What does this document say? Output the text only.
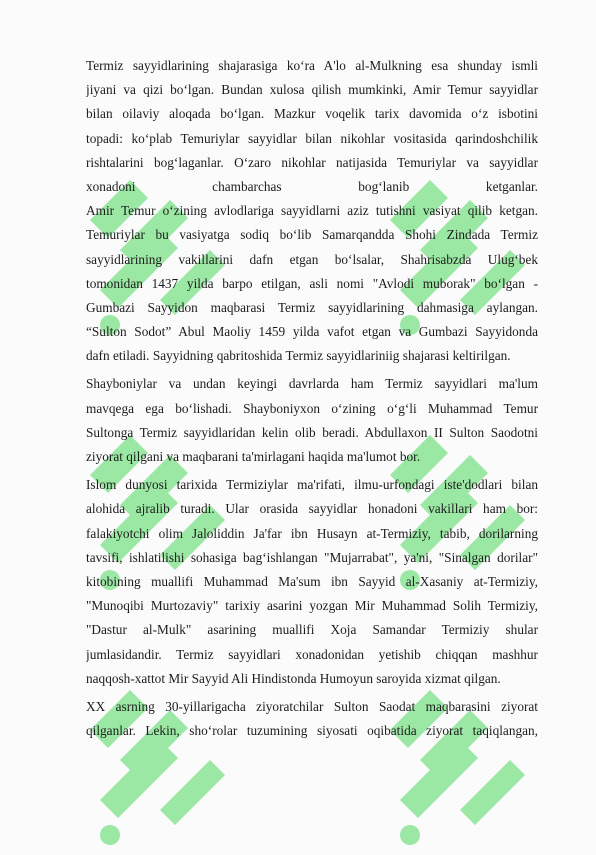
Termiz sayyidlarining shajarasiga ko‘ra A'lo al-Mulkning esa shunday ismli
jiyani va qizi bo‘lgan. Bundan xulosa qilish mumkinki, Amir Temur sayyidlar
bilan oilaviy aloqada bo‘lgan. Mazkur voqelik tarix davomida o‘z isbotini
topadi: ko‘plab Temuriylar sayyidlar bilan nikohlar vositasida qarindoshchilik
rishtalarini bog‘laganlar. O‘zaro nikohlar natijasida Temuriylar va sayyidlar
xonadoni chambarchas bog‘lanib ketganlar.
Amir Temur o‘zining avlodlariga sayyidlarni aziz tutishni vasiyat qilib ketgan.
Temuriylar bu vasiyatga sodiq bo‘lib Samarqandda Shohi Zindada Termiz
sayyidlarining vakillarini dafn etgan bo‘lsalar, Shahrisabzda Ulug‘bek
tomonidan 1437 yilda barpo etilgan, asli nomi "Avlodi muborak" bo‘lgan -
Gumbazi Sayyidon maqbarasi Termiz sayyidlarining dahmasiga aylangan.
“Sulton Sodot” Abul Maoliy 1459 yilda vafot etgan va Gumbazi Sayyidonda
dafn etiladi. Sayyidning qabritoshida Termiz sayyidlariniig shajarasi keltirilgan.
Shayboniylar va undan keyingi davrlarda ham Termiz sayyidlari ma'lum
mavqega ega bo‘lishadi. Shayboniyxon o‘zining o‘g‘li Muhammad Temur
Sultonga Termiz sayyidlaridan kelin olib beradi. Abdullaxon II Sulton Saodotni
ziyorat qilgani va maqbarani ta'mirlagani haqida ma'lumot bor.
Islom dunyosi tarixida Termiziylar ma'rifati, ilmu-urfondagi iste'dodlari bilan
alohida ajralib turadi. Ular orasida sayyidlar honadoni vakillari ham bor:
falakiyotchi olim Jaloliddin Ja'far ibn Husayn at-Termiziy, tabib, dorilarning
tavsifi, ishlatilishi sohasiga bag‘ishlangan "Mujarrabat", ya'ni, "Sinalgan dorilar"
kitobining muallifi Muhammad Ma'sum ibn Sayyid al-Xasaniy at-Termiziy,
"Munoqibi Murtozaviy" tarixiy asarini yozgan Mir Muhammad Solih Termiziy,
"Dastur al-Mulk" asarining muallifi Xoja Samandar Termiziy shular
jumlasidandir. Termiz sayyidlari xonadonidan yetishib chiqqan mashhur
naqqosh-xattot Mir Sayyid Ali Hindistonda Humoyun saroyida xizmat qilgan.
XX asrning 30-yillarigacha ziyoratchilar Sulton Saodat maqbarasini ziyorat
qilganlar. Lekin, sho‘rolar tuzumining siyosati oqibatida ziyorat taqiqlangan,
